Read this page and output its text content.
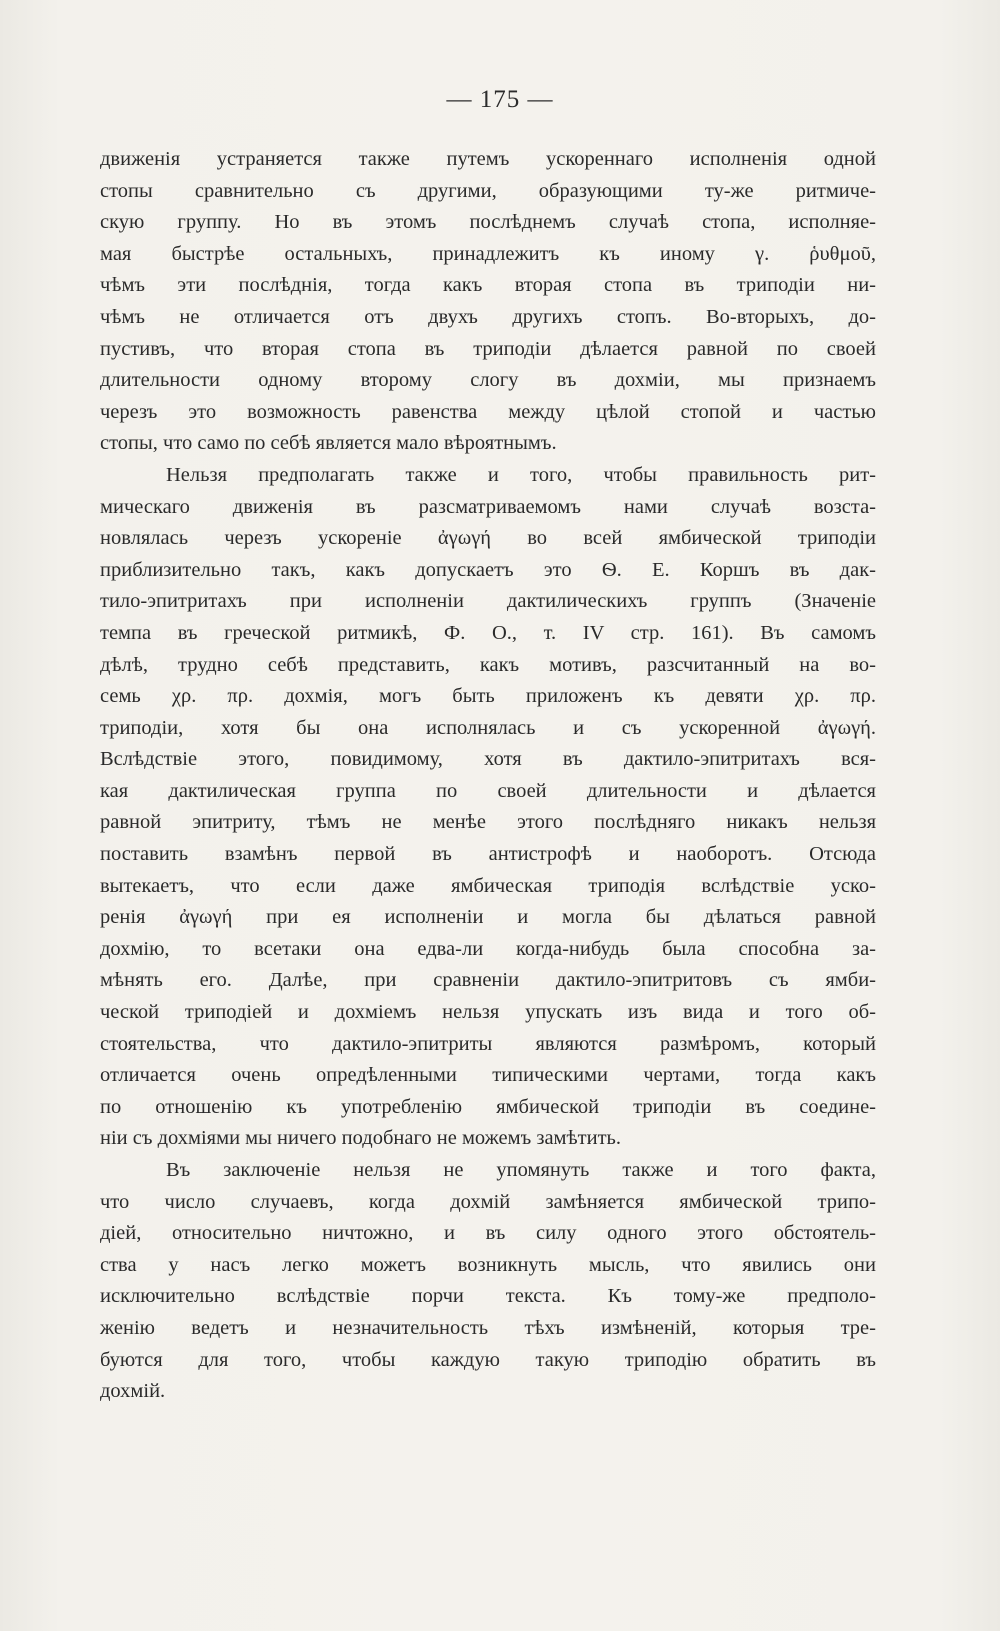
— 175 —
движенія устраняется также путемъ ускореннаго исполненія одной
стопы сравнительно съ другими, образующими ту-же ритмиче-
скую группу. Но въ этомъ послѣднемъ случаѣ стопа, исполняе-
мая быстрѣе остальныхъ, принадлежитъ къ иному γ. ῥυθμοῦ,
чѣмъ эти послѣднія, тогда какъ вторая стопа въ триподіи ни-
чѣмъ не отличается отъ двухъ другихъ стопъ. Во-вторыхъ, до-
пустивъ, что вторая стопа въ триподіи дѣлается равной по своей
длительности одному второму слогу въ дохміи, мы признаемъ
черезъ это возможность равенства между цѣлой стопой и частью
стопы, что само по себѣ является мало вѣроятнымъ.
Нельзя предполагать также и того, чтобы правильность рит-
мическаго движенія въ разсматриваемомъ нами случаѣ возста-
новлялась черезъ ускореніе ἀγωγή во всей ямбической триподіи
приблизительно такъ, какъ допускаетъ это Ѳ. Е. Коршъ въ дак-
тило-эпитритахъ при исполненіи дактилическихъ группъ (Значеніе
темпа въ греческой ритмикѣ, Ф. О., т. IV стр. 161). Въ самомъ
дѣлѣ, трудно себѣ представить, какъ мотивъ, разсчитанный на во-
семь χρ. πρ. дохмія, могъ быть приложенъ къ девяти χρ. πρ.
триподіи, хотя бы она исполнялась и съ ускоренной ἀγωγή.
Вслѣдствіе этого, повидимому, хотя въ дактило-эпитритахъ вся-
кая дактилическая группа по своей длительности и дѣлается
равной эпитриту, тѣмъ не менѣе этого послѣдняго никакъ нельзя
поставить взамѣнъ первой въ антистрофѣ и наоборотъ. Отсюда
вытекаетъ, что если даже ямбическая триподія вслѣдствіе уско-
ренія ἀγωγή при ея исполненіи и могла бы дѣлаться равной
дохмію, то всетаки она едва-ли когда-нибудь была способна за-
мѣнять его. Далѣе, при сравненіи дактило-эпитритовъ съ ямби-
ческой триподіей и дохміемъ нельзя упускать изъ вида и того об-
стоятельства, что дактило-эпитриты являются размѣромъ, который
отличается очень опредѣленными типическими чертами, тогда какъ
по отношенію къ употребленію ямбической триподіи въ соедине-
ніи съ дохміями мы ничего подобнаго не можемъ замѣтить.
Въ заключеніе нельзя не упомянуть также и того факта,
что число случаевъ, когда дохмій замѣняется ямбической трипо-
діей, относительно ничтожно, и въ силу одного этого обстоятель-
ства у насъ легко можетъ возникнуть мысль, что явились они
исключительно вслѣдствіе порчи текста. Къ тому-же предполо-
женію ведетъ и незначительность тѣхъ измѣненій, которыя тре-
буются для того, чтобы каждую такую триподію обратить въ
дохмій.
